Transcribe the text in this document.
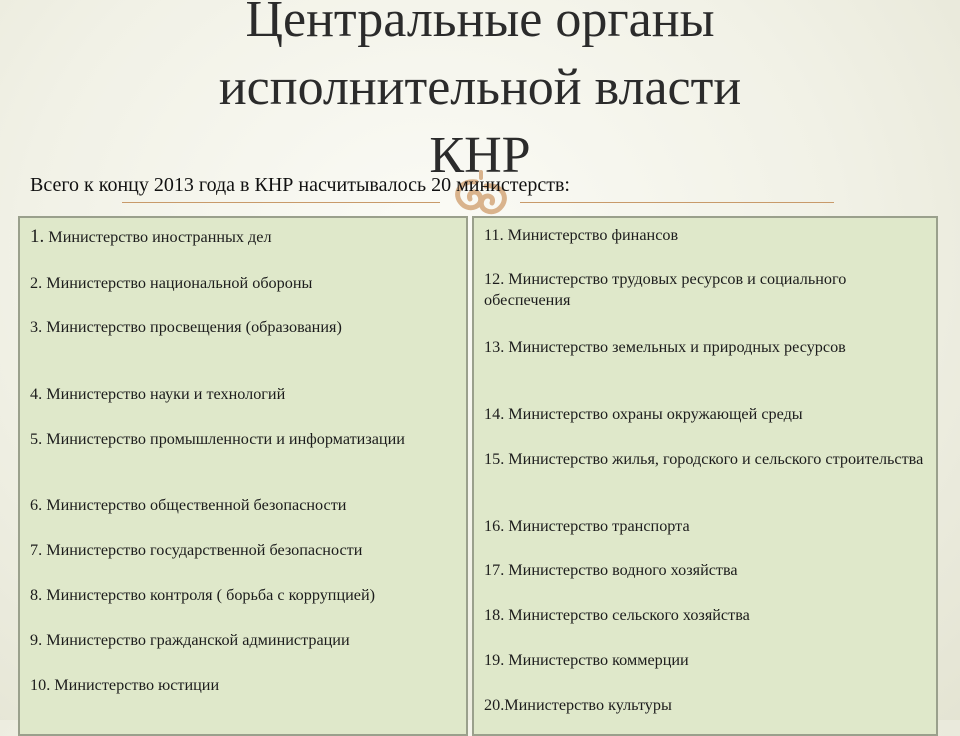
Центральные органы
исполнительной власти
КНР
Всего к концу 2013 года в КНР насчитывалось 20 министерств:
1. Министерство иностранных дел
2. Министерство национальной обороны
3. Министерство просвещения (образования)
4. Министерство науки и технологий
5. Министерство промышленности и информатизации
6. Министерство общественной безопасности
7. Министерство государственной безопасности
8. Министерство контроля ( борьба с коррупцией)
9. Министерство гражданской администрации
10. Министерство юстиции
11. Министерство финансов
12. Министерство трудовых ресурсов и социального обеспечения
13. Министерство земельных и природных ресурсов
14. Министерство охраны окружающей среды
15. Министерство жилья, городского и сельского строительства
16. Министерство транспорта
17. Министерство водного хозяйства
18. Министерство сельского хозяйства
19. Министерство коммерции
20.Министерство культуры
